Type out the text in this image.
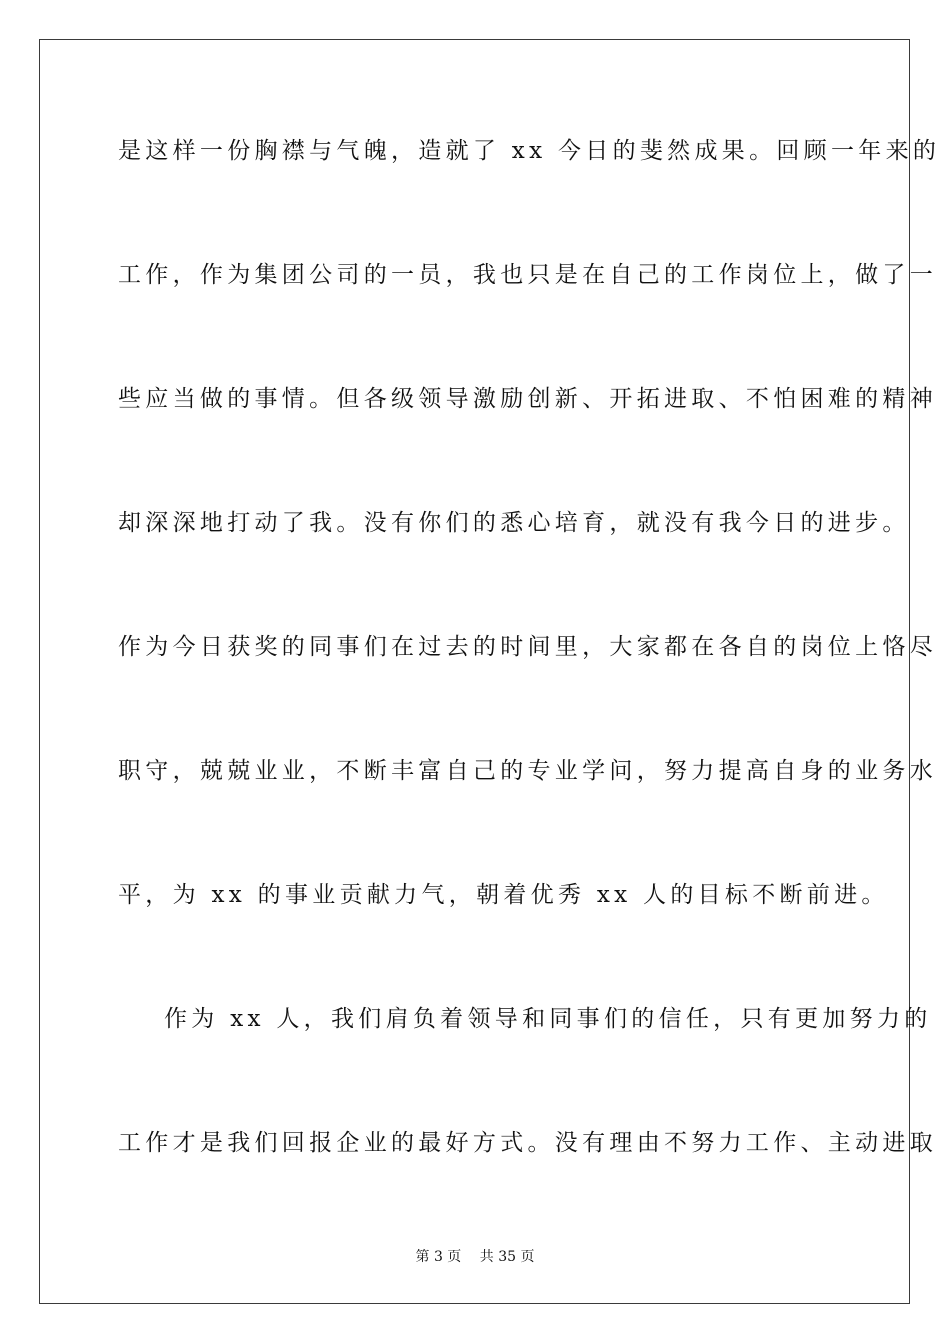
是这样一份胸襟与气魄，造就了 xx 今日的斐然成果。回顾一年来的
工作，作为集团公司的一员，我也只是在自己的工作岗位上，做了一
些应当做的事情。但各级领导激励创新、开拓进取、不怕困难的精神
却深深地打动了我。没有你们的悉心培育，就没有我今日的进步。
作为今日获奖的同事们在过去的时间里，大家都在各自的岗位上恪尽
职守，兢兢业业，不断丰富自己的专业学问，努力提高自身的业务水
平，为 xx 的事业贡献力气，朝着优秀 xx 人的目标不断前进。
作为 xx 人，我们肩负着领导和同事们的信任，只有更加努力的
工作才是我们回报企业的最好方式。没有理由不努力工作、主动进取
第 3 页 共 35 页
